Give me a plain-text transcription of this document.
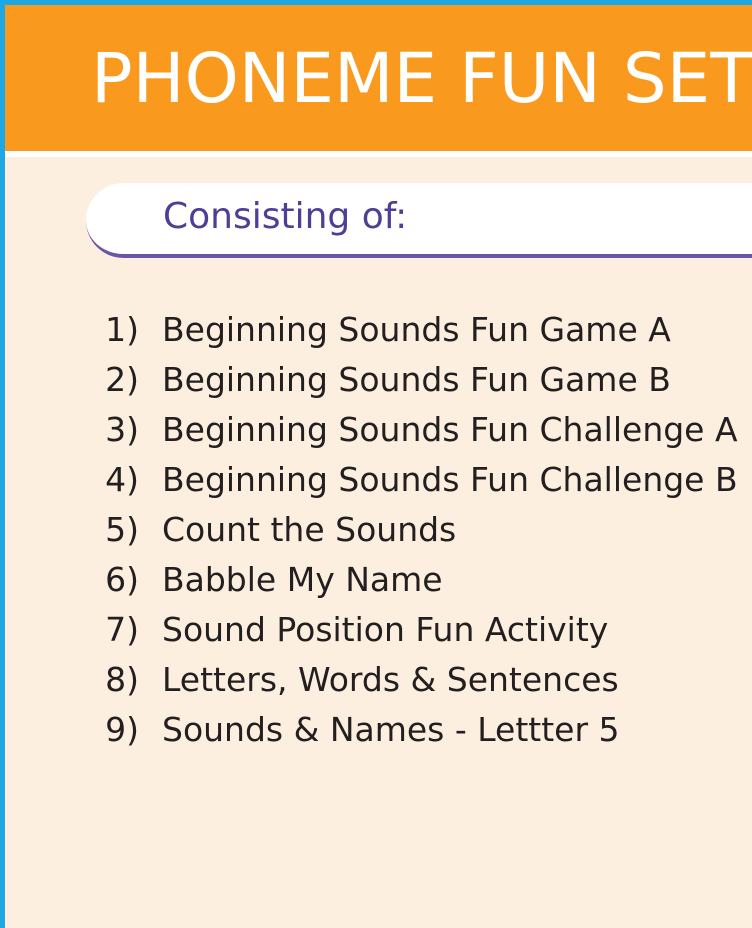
PHONEME FUN SET
Consisting of:
1) Beginning Sounds Fun Game A
2) Beginning Sounds Fun Game B
3) Beginning Sounds Fun Challenge A
4) Beginning Sounds Fun Challenge B
5) Count the Sounds
6) Babble My Name
7) Sound Position Fun Activity
8) Letters, Words & Sentences
9) Sounds & Names - Lettter 5
